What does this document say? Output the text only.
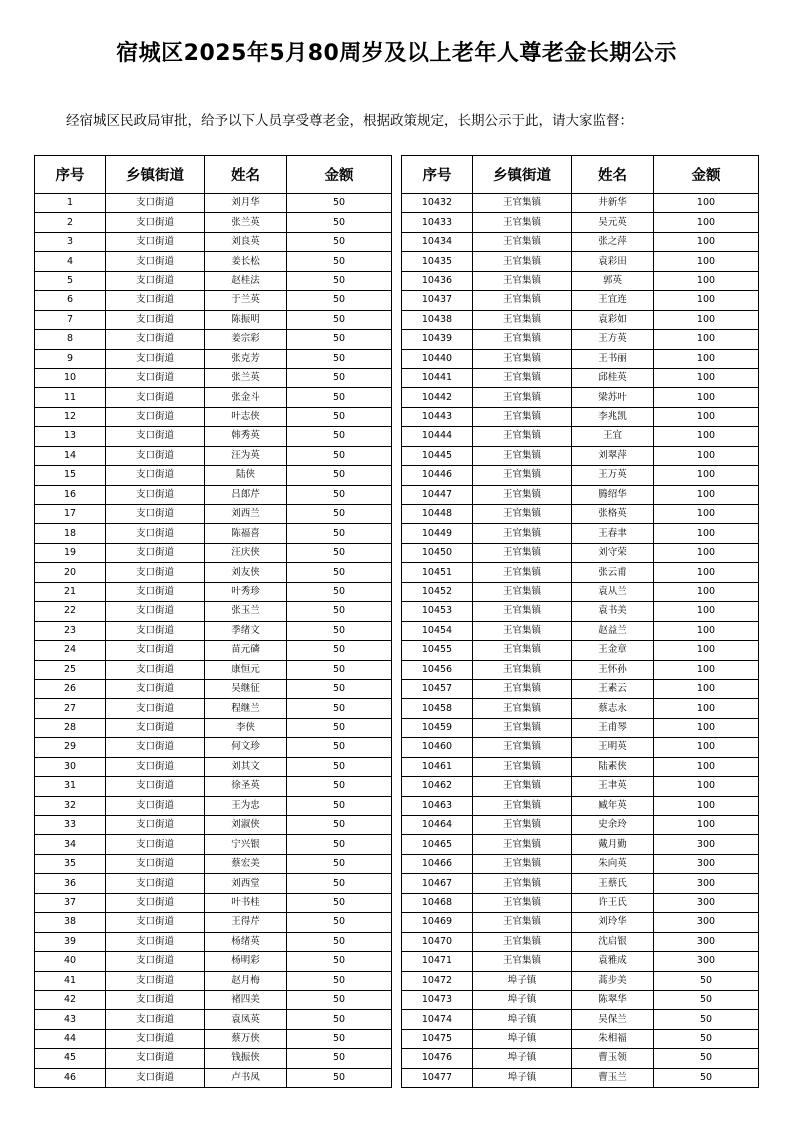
宿城区2025年5月80周岁及以上老年人尊老金长期公示
经宿城区民政局审批，给予以下人员享受尊老金，根据政策规定，长期公示于此，请大家监督：
序号	乡镇街道	姓名	金额
1	支口街道	刘月华	50
2	支口街道	张兰英	50
3	支口街道	刘良英	50
4	支口街道	姜长松	50
5	支口街道	赵桂法	50
6	支口街道	于兰英	50
7	支口街道	陈振明	50
8	支口街道	姜宗彩	50
9	支口街道	张克芳	50
10	支口街道	张兰英	50
11	支口街道	张金斗	50
12	支口街道	叶志侠	50
13	支口街道	韩秀英	50
14	支口街道	汪为英	50
15	支口街道	陆侠	50
16	支口街道	吕郎芹	50
17	支口街道	刘西兰	50
18	支口街道	陈福喜	50
19	支口街道	汪庆侠	50
20	支口街道	刘友侠	50
21	支口街道	叶秀珍	50
22	支口街道	张玉兰	50
23	支口街道	季绪文	50
24	支口街道	苗元磷	50
25	支口街道	康恒元	50
26	支口街道	吴继征	50
27	支口街道	程继兰	50
28	支口街道	李侠	50
29	支口街道	何文珍	50
30	支口街道	刘其文	50
31	支口街道	徐圣英	50
32	支口街道	王为忠	50
33	支口街道	刘淑侠	50
34	支口街道	宁兴银	50
35	支口街道	蔡宏美	50
36	支口街道	刘西堂	50
37	支口街道	叶书桂	50
38	支口街道	王得芹	50
39	支口街道	杨绪英	50
40	支口街道	杨明彩	50
41	支口街道	赵月梅	50
42	支口街道	褚四美	50
43	支口街道	袁凤英	50
44	支口街道	蔡万侠	50
45	支口街道	钱振侠	50
46	支口街道	卢书凤	50
序号	乡镇街道	姓名	金额
10432	王官集镇	井新华	100
10433	王官集镇	吴元英	100
10434	王官集镇	张之萍	100
10435	王官集镇	袁彩田	100
10436	王官集镇	郭英	100
10437	王官集镇	王宜连	100
10438	王官集镇	袁彩如	100
10439	王官集镇	王方英	100
10440	王官集镇	王书丽	100
10441	王官集镇	邱桂英	100
10442	王官集镇	梁苏叶	100
10443	王官集镇	李兆凯	100
10444	王官集镇	王宜	100
10445	王官集镇	刘翠萍	100
10446	王官集镇	王万英	100
10447	王官集镇	腾绍华	100
10448	王官集镇	张格英	100
10449	王官集镇	王春聿	100
10450	王官集镇	刘守荣	100
10451	王官集镇	张云甫	100
10452	王官集镇	袁从兰	100
10453	王官集镇	袁书美	100
10454	王官集镇	赵益兰	100
10455	王官集镇	王金章	100
10456	王官集镇	王怀孙	100
10457	王官集镇	王素云	100
10458	王官集镇	蔡志永	100
10459	王官集镇	王甫琴	100
10460	王官集镇	王明英	100
10461	王官集镇	陆素侠	100
10462	王官集镇	王聿英	100
10463	王官集镇	臧年英	100
10464	王官集镇	史余玲	100
10465	王官集镇	戴月勤	300
10466	王官集镇	朱向英	300
10467	王官集镇	王蔡氏	300
10468	王官集镇	许王氏	300
10469	王官集镇	刘玲华	300
10470	王官集镇	沈启银	300
10471	王官集镇	袁雅成	300
10472	埠子镇	蒿步美	50
10473	埠子镇	陈翠华	50
10474	埠子镇	吴保兰	50
10475	埠子镇	朱相福	50
10476	埠子镇	曹玉领	50
10477	埠子镇	曹玉兰	50
